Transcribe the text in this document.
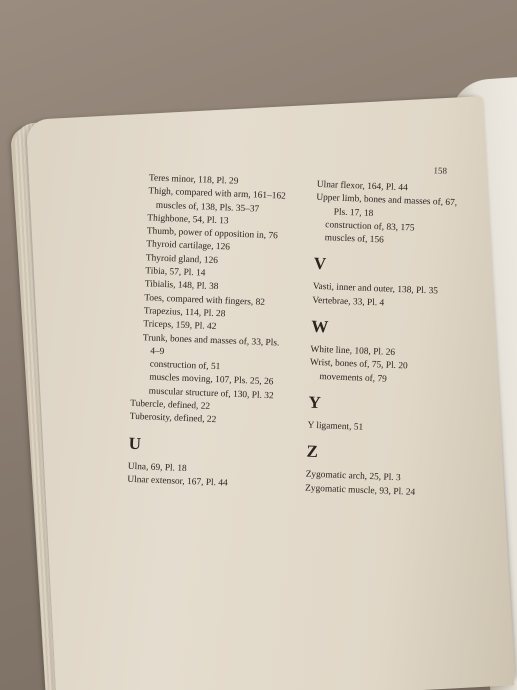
158
Teres minor, 118, Pl. 29
Thigh, compared with arm, 161–162
muscles of, 138, Pls. 35–37
Thighbone, 54, Pl. 13
Thumb, power of opposition in, 76
Thyroid cartilage, 126
Thyroid gland, 126
Tibia, 57, Pl. 14
Tibialis, 148, Pl. 38
Toes, compared with fingers, 82
Trapezius, 114, Pl. 28
Triceps, 159, Pl. 42
Trunk, bones and masses of, 33, Pls.
4–9
construction of, 51
muscles moving, 107, Pls. 25, 26
muscular structure of, 130, Pl. 32
Tubercle, defined, 22
Tuberosity, defined, 22
U
Ulna, 69, Pl. 18
Ulnar extensor, 167, Pl. 44
Ulnar flexor, 164, Pl. 44
Upper limb, bones and masses of, 67,
Pls. 17, 18
construction of, 83, 175
muscles of, 156
V
Vasti, inner and outer, 138, Pl. 35
Vertebrae, 33, Pl. 4
W
White line, 108, Pl. 26
Wrist, bones of, 75, Pl. 20
movements of, 79
Y
Y ligament, 51
Z
Zygomatic arch, 25, Pl. 3
Zygomatic muscle, 93, Pl. 24
